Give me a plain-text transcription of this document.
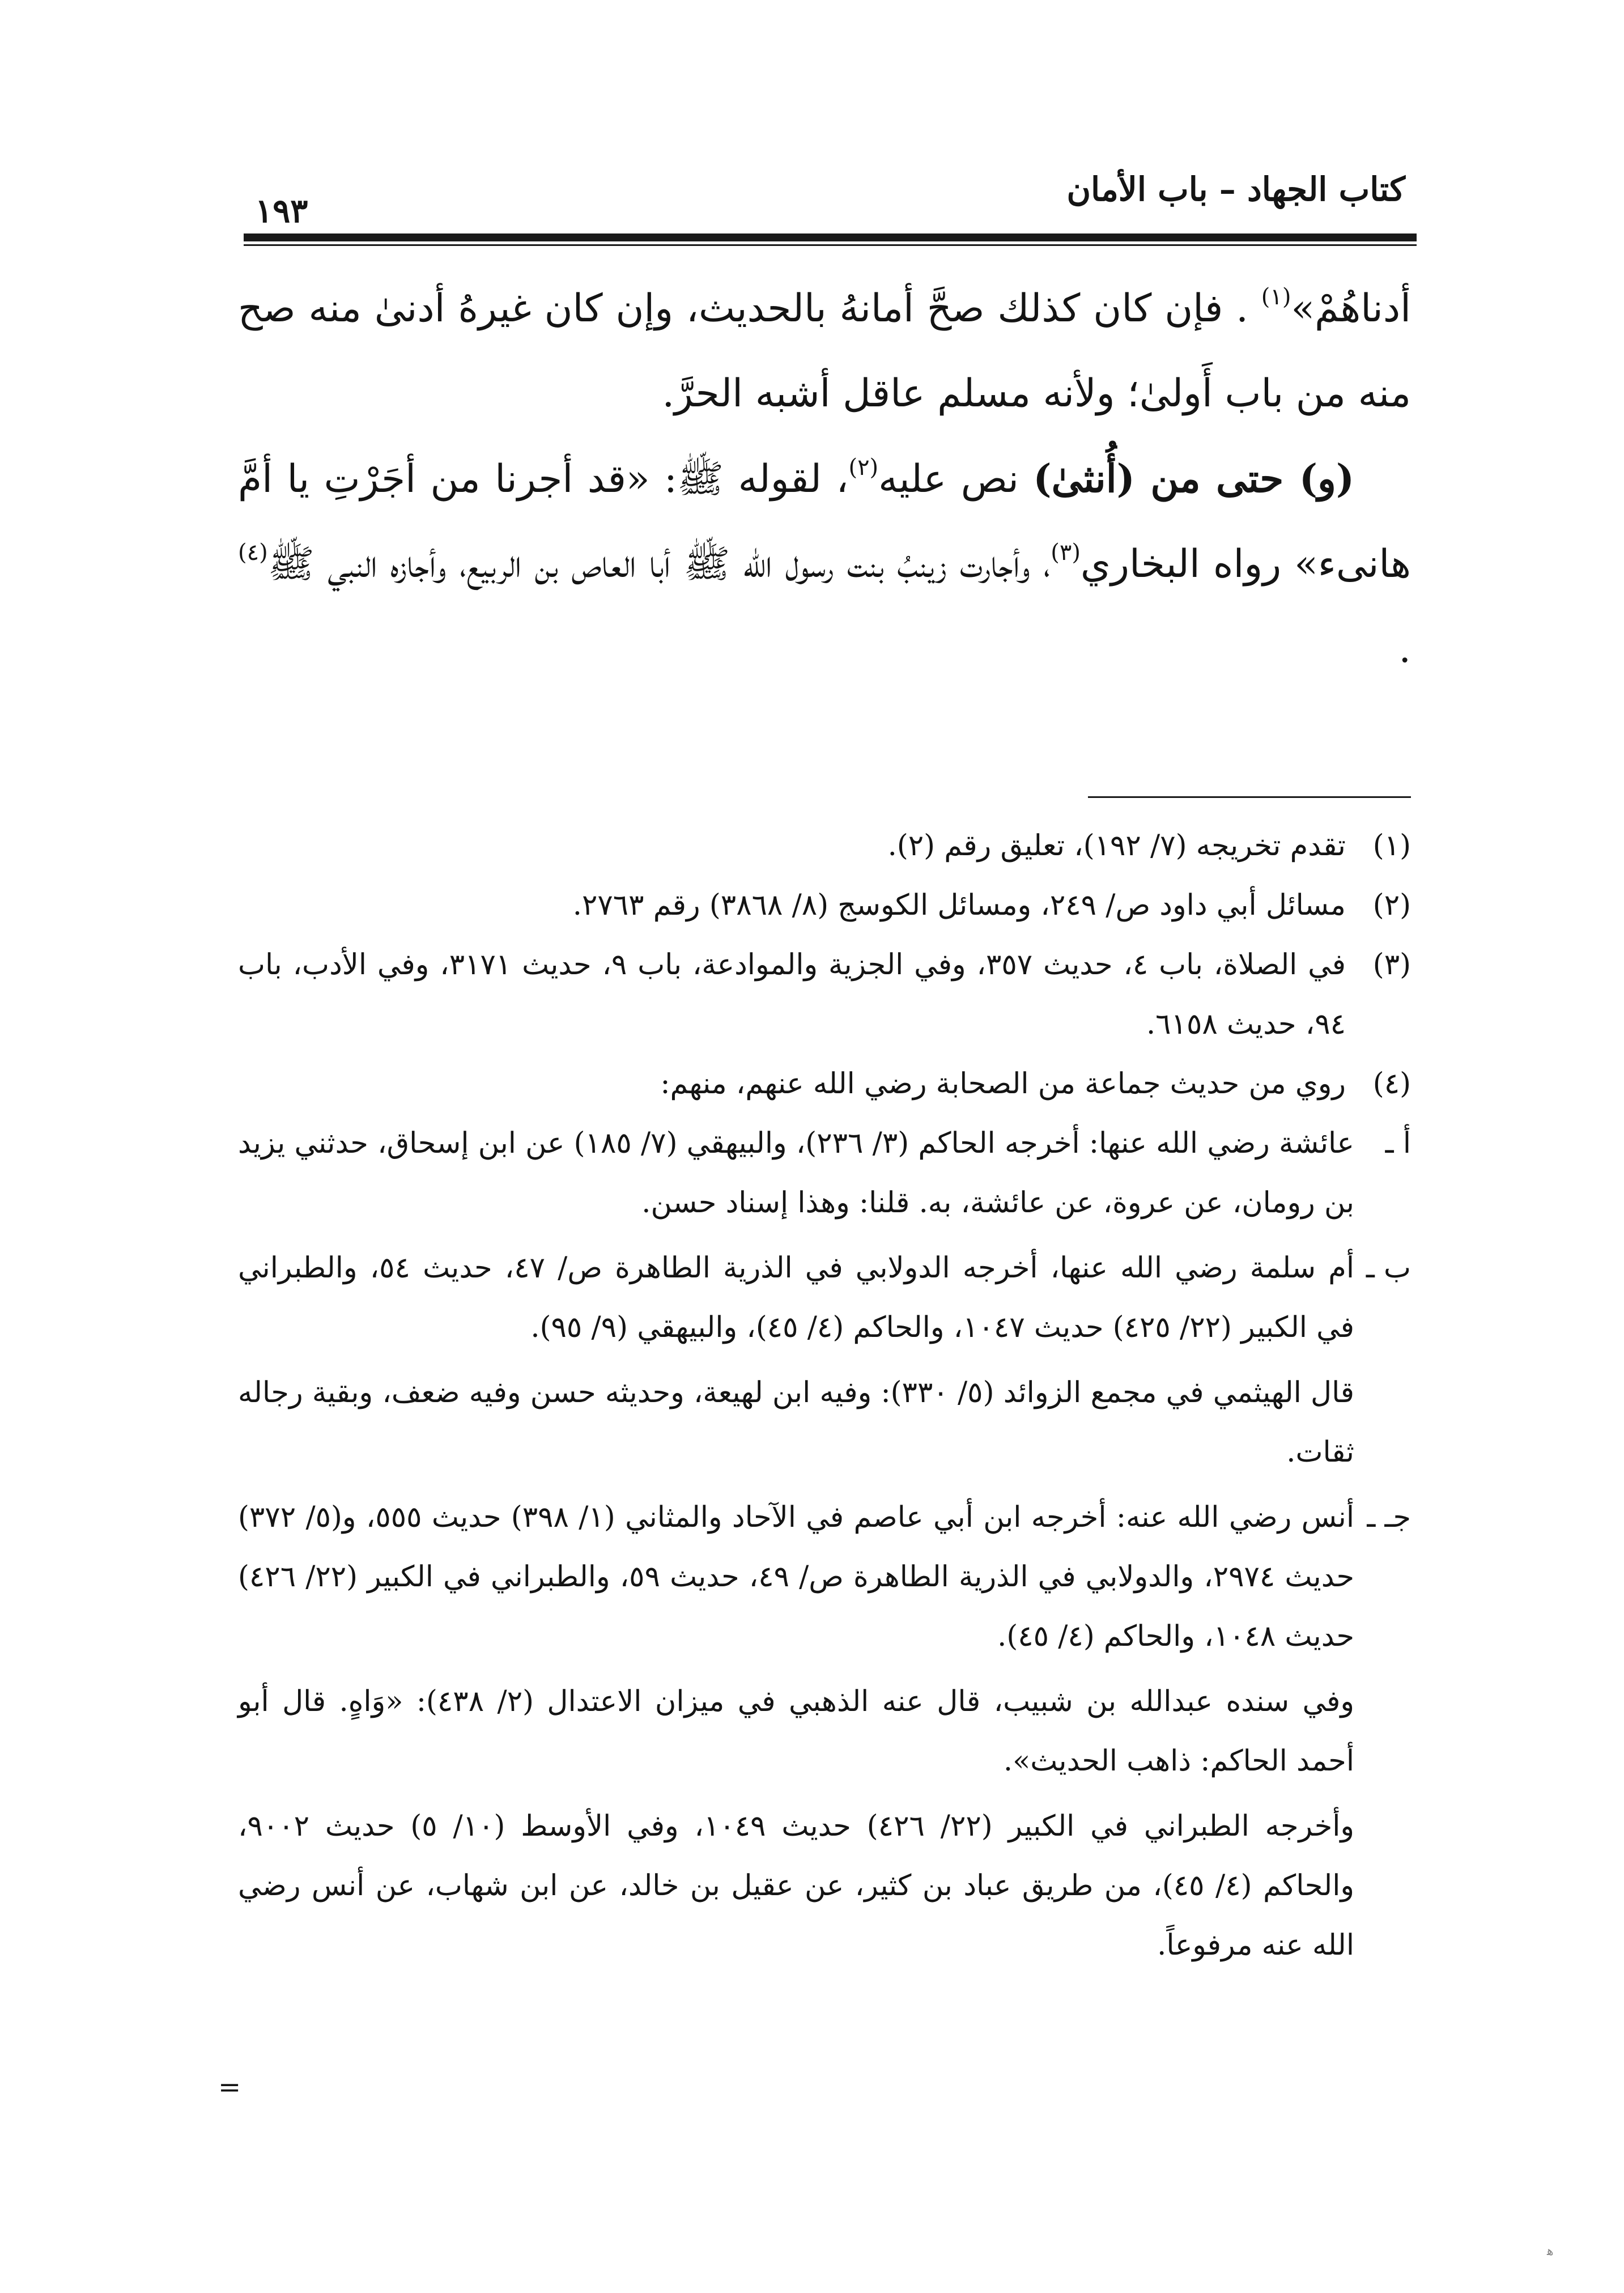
كتاب الجهاد – باب الأمان
١٩٣

أدناهُمْ»$^{(١)}$ . فإن كان كذلك صحَّ أمانهُ بالحديث، وإن كان غيرهُ أدنىٰ منه صح منه من باب أَولىٰ؛ ولأنه مسلم عاقل أشبه الحرَّ.

(و) حتى من (أُنثىٰ) نص عليه$^{(٢)}$، لقوله ﷺ: «قد أجرنا من أجَرْتِ يا أمَّ هانىء» رواه البخاري$^{(٣)}$، وأجارت زينبُ بنت رسول الله ﷺ أبا العاص بن الربيع، وأجازه النبي ﷺ$^{(٤)}$ .

(١)
تقدم تخريجه (٧/ ١٩٢)، تعليق رقم (٢).

(٢)
مسائل أبي داود ص/ ٢٤٩، ومسائل الكوسج (٨/ ٣٨٦٨) رقم ٢٧٦٣.

(٣)
في الصلاة، باب ٤، حديث ٣٥٧، وفي الجزية والموادعة، باب ٩، حديث ٣١٧١، وفي الأدب، باب ٩٤، حديث ٦١٥٨.

(٤)

روي من حديث جماعة من الصحابة رضي الله عنهم، منهم:

أ ـ
عائشة رضي الله عنها: أخرجه الحاكم (٣/ ٢٣٦)، والبيهقي (٧/ ١٨٥) عن ابن إسحاق، حدثني يزيد بن رومان، عن عروة، عن عائشة، به. قلنا: وهذا إسناد حسن.

ب ـ
أم سلمة رضي الله عنها، أخرجه الدولابي في الذرية الطاهرة ص/ ٤٧، حديث ٥٤، والطبراني في الكبير (٢٢/ ٤٢٥) حديث ١٠٤٧، والحاكم (٤/ ٤٥)، والبيهقي (٩/ ٩٥).

قال الهيثمي في مجمع الزوائد (٥/ ٣٣٠): وفيه ابن لهيعة، وحديثه حسن وفيه ضعف، وبقية رجاله ثقات.

جـ ـ
أنس رضي الله عنه: أخرجه ابن أبي عاصم في الآحاد والمثاني (١/ ٣٩٨) حديث ٥٥٥، و(٥/ ٣٧٢) حديث ٢٩٧٤، والدولابي في الذرية الطاهرة ص/ ٤٩، حديث ٥٩، والطبراني في الكبير (٢٢/ ٤٢٦) حديث ١٠٤٨، والحاكم (٤/ ٤٥).

وفي سنده عبدالله بن شبيب، قال عنه الذهبي في ميزان الاعتدال (٢/ ٤٣٨): «وَاهٍ. قال أبو أحمد الحاكم: ذاهب الحديث».

وأخرجه الطبراني في الكبير (٢٢/ ٤٢٦) حديث ١٠٤٩، وفي الأوسط (١٠/ ٥) حديث ٩٠٠٢، والحاكم (٤/ ٤٥)، من طريق عباد بن كثير، عن عقيل بن خالد، عن ابن شهاب، عن أنس رضي الله عنه مرفوعاً.

=
ﻫ
